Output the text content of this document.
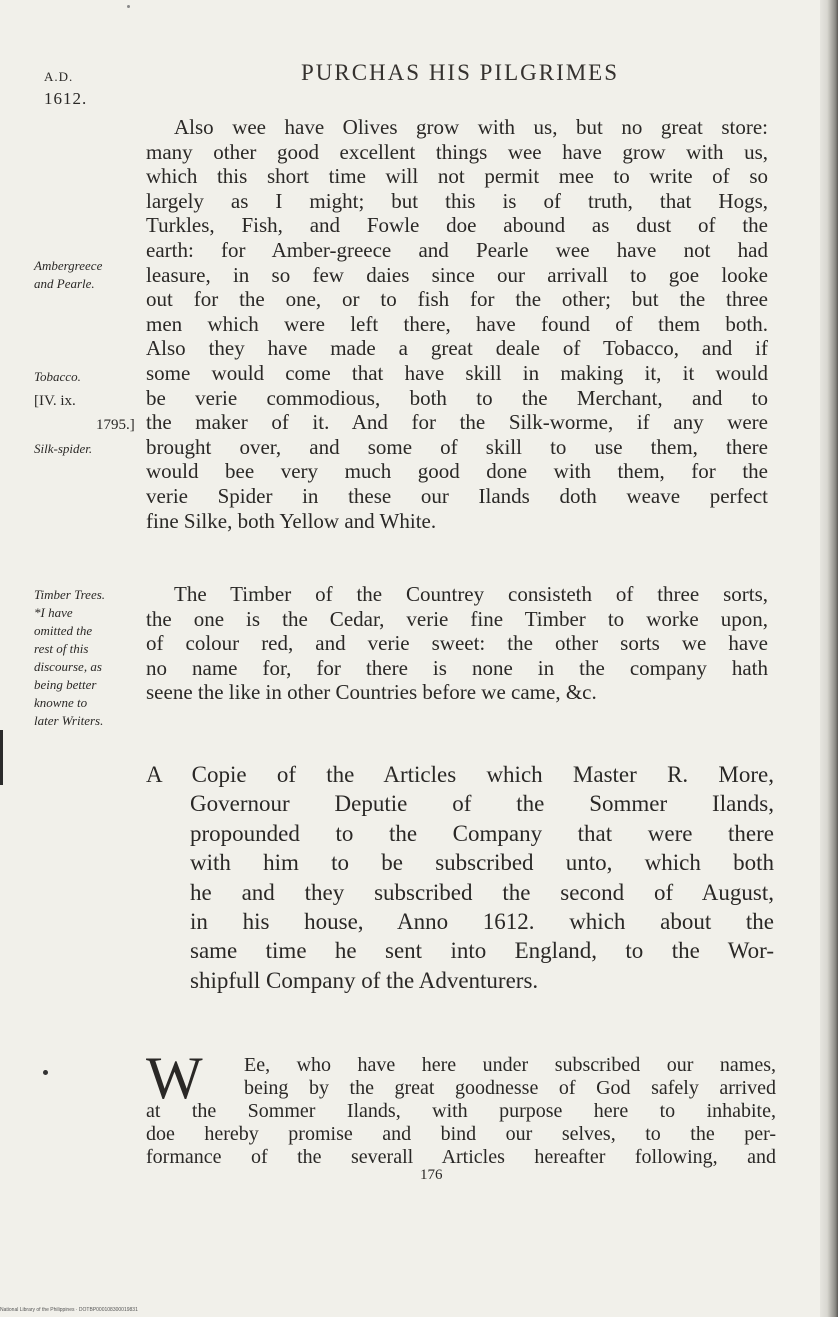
A.D.
1612.
PURCHAS HIS PILGRIMES

Also wee have Olives grow with us, but no great store:

many other good excellent things wee have grow with us,

which this short time will not permit mee to write of so

largely as I might; but this is of truth, that Hogs,

Turkles, Fish, and Fowle doe abound as dust of the

earth: for Amber-greece and Pearle wee have not had

leasure, in so few daies since our arrivall to goe looke

out for the one, or to fish for the other; but the three

men which were left there, have found of them both.

Also they have made a great deale of Tobacco, and if

some would come that have skill in making it, it would

be verie commodious, both to the Merchant, and to

the maker of it. And for the Silk-worme, if any were

brought over, and some of skill to use them, there

would bee very much good done with them, for the

verie Spider in these our Ilands doth weave perfect

fine Silke, both Yellow and White.

The Timber of the Countrey consisteth of three sorts,

the one is the Cedar, verie fine Timber to worke upon,

of colour red, and verie sweet: the other sorts we have

no name for, for there is none in the company hath

seene the like in other Countries before we came, &c.

Ambergreece
and Pearle.
Tobacco.
[IV. ix.
1795.]
Silk-spider.
Timber Trees.
*I have
omitted the
rest of this
discourse, as
being better
knowne to
later Writers.
A Copie of the Articles which Master R. More,
Governour Deputie of the Sommer Ilands,
propounded to the Company that were there
with him to be subscribed unto, which both
he and they subscribed the second of August,
in his house, Anno 1612. which about the
same time he sent into England, to the Wor-
shipfull Company of the Adventurers.
W	Ee, who have here under subscribed our names,
being by the great goodnesse of God safely arrived
at the Sommer Ilands, with purpose here to inhabite,
doe hereby promise and bind our selves, to the per-
formance of the severall Articles hereafter following, and
176
National Library of the Philippines · DOTBP000108300019831
